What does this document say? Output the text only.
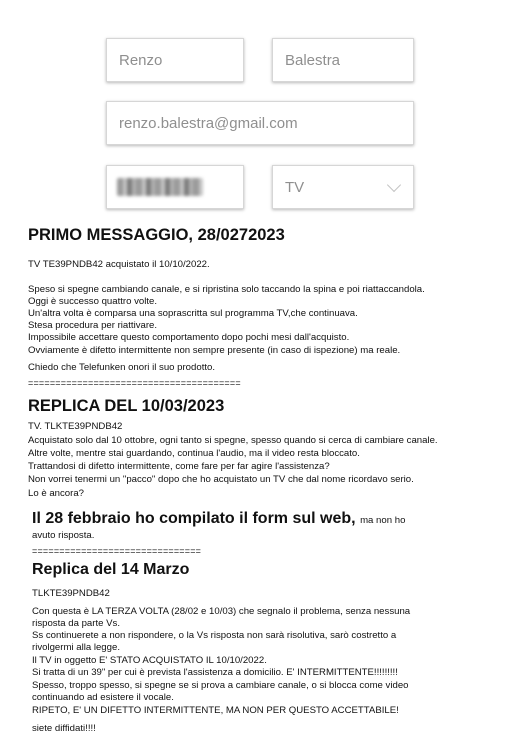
Renzo	Balestra
renzo.balestra@gmail.com
TV
PRIMO MESSAGGIO, 28/0272023
TV TE39PNDB42 acquistato il 10/10/2022.
Speso si spegne cambiando canale, e si ripristina solo taccando la spina e poi riattaccandola.
Oggi è successo quattro volte.
Un'altra volta è comparsa una soprascritta sul programma TV,che continuava.
Stesa procedura per riattivare.
Impossibile accettare questo comportamento dopo pochi mesi dall'acquisto.
Ovviamente è difetto intermittente non sempre presente (in caso di ispezione) ma reale.
Chiedo che Telefunken onori il suo prodotto.
=======================================
REPLICA DEL 10/03/2023
TV. TLKTE39PNDB42
Acquistato solo dal 10 ottobre, ogni tanto si spegne, spesso quando si cerca di cambiare canale.
Altre volte, mentre stai guardando, continua l'audio, ma il video resta bloccato.
Trattandosi di difetto intermittente, come fare per far agire l'assistenza?
Non vorrei tenermi un "pacco" dopo che ho acquistato un TV che dal nome ricordavo serio.
Lo è ancora?
Il 28 febbraio ho compilato il form sul web, ma non ho
avuto risposta.
===============================
Replica del 14 Marzo
TLKTE39PNDB42
Con questa è LA TERZA VOLTA (28/02 e 10/03) che segnalo il problema, senza nessuna
risposta da parte Vs.
Ss continuerete a non rispondere, o la Vs risposta non sarà risolutiva, sarò costretto a
rivolgermi alla legge.
Il TV in oggetto E' STATO ACQUISTATO IL 10/10/2022.
Si tratta di un 39" per cui è prevista l'assistenza a domicilio. E' INTERMITTENTE!!!!!!!!!
Spesso, troppo spesso, si spegne se si prova a cambiare canale, o si blocca come video
continuando ad esistere il vocale.
RIPETO, E' UN DIFETTO INTERMITTENTE, MA NON PER QUESTO ACCETTABILE!
siete diffidati!!!!
